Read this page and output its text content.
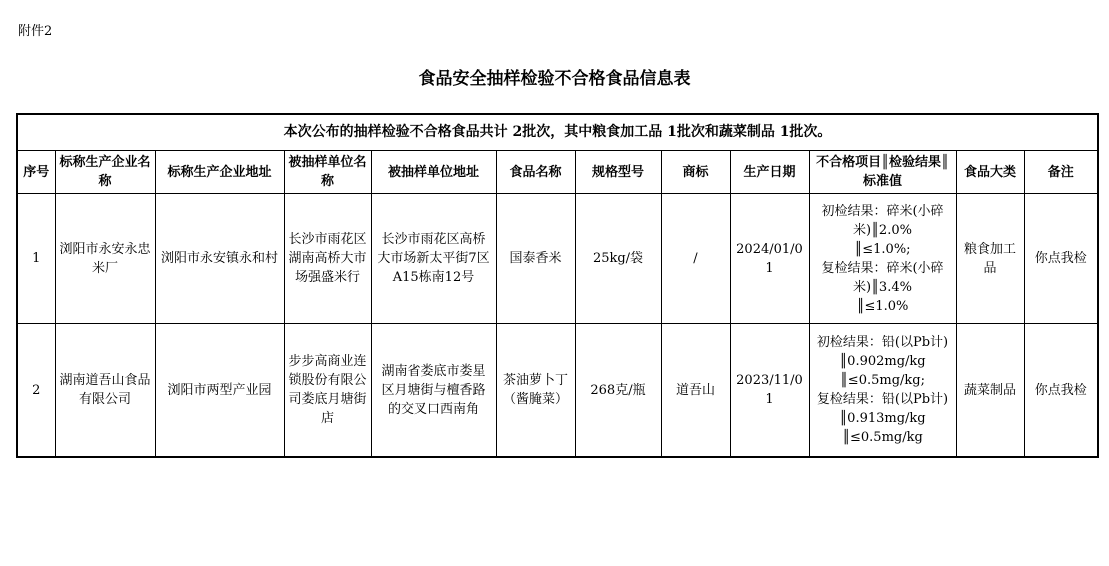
附件2
食品安全抽样检验不合格食品信息表
本次公布的抽样检验不合格食品共计 2批次，其中粮食加工品 1批次和蔬菜制品 1批次。											
序号	标称生产企业名称	标称生产企业地址	被抽样单位名称	被抽样单位地址	食品名称	规格型号	商标	生产日期	不合格项目║检验结果║标准值	食品大类	备注
1	浏阳市永安永忠米厂	浏阳市永安镇永和村	长沙市雨花区湖南高桥大市场强盛米行	长沙市雨花区高桥大市场新太平街7区A15栋南12号	国泰香米	25kg/袋	/	2024/01/01	初检结果：碎米(小碎米)║2.0%
║≤1.0%;
复检结果：碎米(小碎米)║3.4%
║≤1.0%	粮食加工品	你点我检
2	湖南道吾山食品有限公司	浏阳市两型产业园	步步高商业连锁股份有限公司娄底月塘街店	湖南省娄底市娄星区月塘街与檀香路的交叉口西南角	茶油萝卜丁（酱腌菜）	268克/瓶	道吾山	2023/11/01	初检结果：铅(以Pb计)║0.902mg/kg
║≤0.5mg/kg;
复检结果：铅(以Pb计)║0.913mg/kg
║≤0.5mg/kg	蔬菜制品	你点我检
